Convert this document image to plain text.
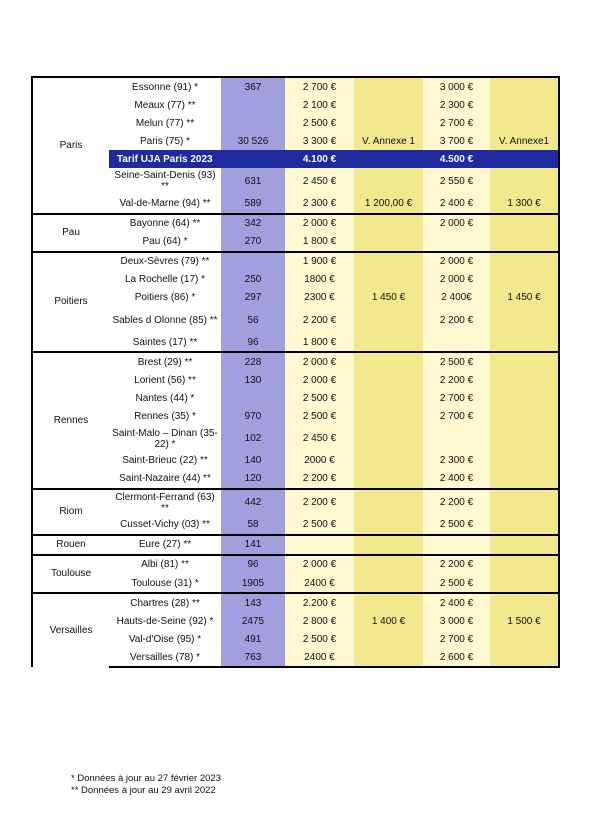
Paris	Essonne (91) *	367	2 700 €		3 000 €	
	Meaux (77) **		2 100 €		2 300 €	
	Melun (77) **		2 500 €		2 700 €	
	Paris (75) *	30 526	3 300 €	V. Annexe 1	3 700 €	V. Annexe1
	Tarif UJA Paris 2023		4.100 €		4.500 €	
	Seine-Saint-Denis (93) **	631	2 450 €		2 550 €	
	Val-de-Marne (94) **	589	2 300 €	1 200,00 €	2 400 €	1 300 €
Pau	Bayonne (64) **	342	2 000 €		2 000 €	
	Pau (64) *	270	1 800 €			
Poitiers	Deux-Sèvres (79) **		1 900 €		2 000 €	
	La Rochelle (17) *	250	1800 €		2 000 €	
	Poitiers (86) *	297	2300 €	1 450 €	2 400€	1 450 €
	Sables d Olonne (85) **	56	2 200 €		2 200 €	
	Saintes (17) **	96	1 800 €			
Rennes	Brest (29) **	228	2 000 €		2 500 €	
	Lorient (56) **	130	2 000 €		2 200 €	
	Nantes (44) *		2 500 €		2 700 €	
	Rennes (35) *	970	2 500 €		2 700 €	
	Saint-Malo – Dinan (35-22) *	102	2 450 €			
	Saint-Brieuc (22) **	140	2000 €		2 300 €	
	Saint-Nazaire (44) **	120	2 200 €		2 400 €	
Riom	Clermont-Ferrand (63) **	442	2 200 €		2 200 €	
	Cusset-Vichy (03) **	58	2 500 €		2 500 €	
Rouen	Eure (27) **	141				
Toulouse	Albi (81) **	96	2 000 €		2 200 €	
	Toulouse (31) *	1905	2400 €		2 500 €	
Versailles	Chartres (28) **	143	2.200 €		2 400 €	
	Hauts-de-Seine (92) *	2475	2 800 €	1 400 €	3 000 €	1 500 €
	Val-d'Oise (95) *	491	2 500 €		2 700 €	
	Versailles (78) *	763	2400 €		2 600 €	
* Données à jour au 27 février 2023
** Données à jour au 29 avril 2022
